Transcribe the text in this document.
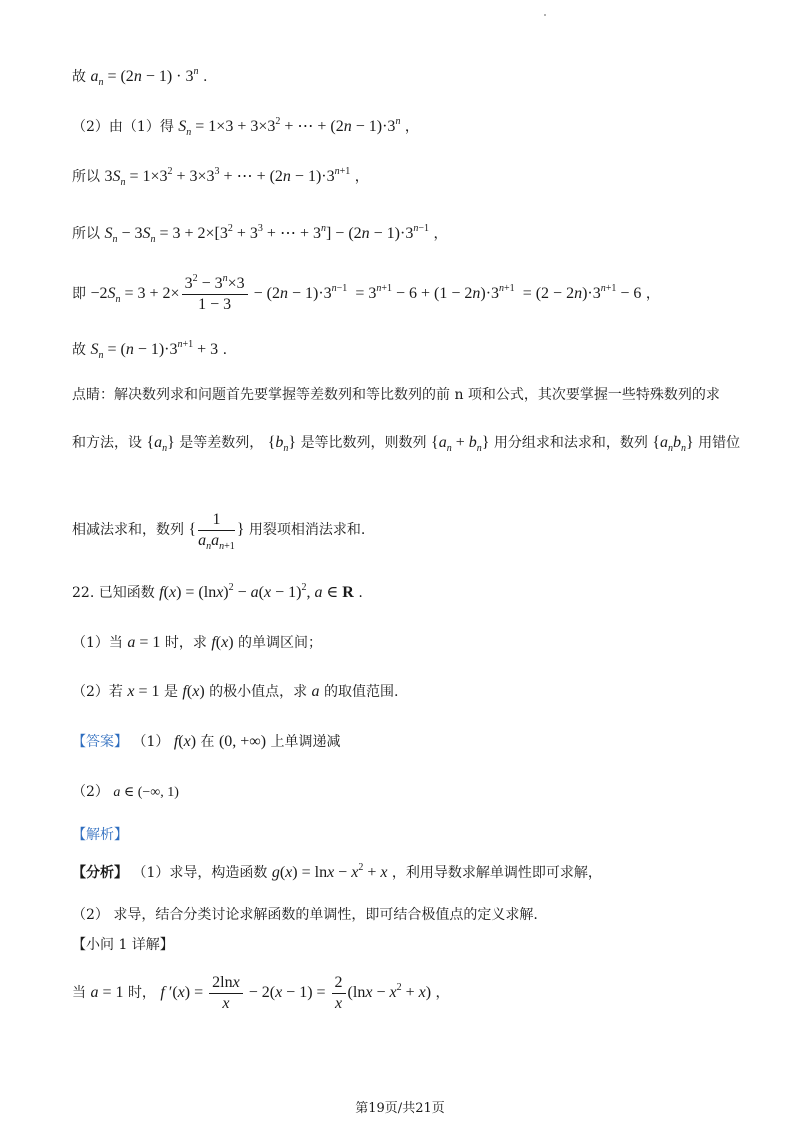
故 $a_n = (2n - 1) \cdot 3^n$ .
（2）由（1）得 $S_n = 1\times 3 + 3\times 3^2$ + ⋯ + $(2n - 1)\cdot 3^n$ ，
所以 $3S_n = 1\times 3^2 + 3\times 3^3$ + ⋯ + $(2n - 1)\cdot 3^{n+1}$ ，
所以 $S_n - 3S_n = 3 + 2\times[3^2 + 3^3$ + ⋯ + $3^n] - (2n - 1)\cdot 3^{n-1}$ ，
即 $-2S_n = 3 + 2\times \frac{3^2 - 3^n\times 3}{1 - 3} - (2n - 1)\cdot 3^{n-1} = 3^{n+1} - 6 + (1 - 2n)\cdot 3^{n+1} = (2 - 2n)\cdot 3^{n+1} - 6$ ，
故 $S_n = (n - 1)\cdot 3^{n+1} + 3$ .
点睛：解决数列求和问题首先要掌握等差数列和等比数列的前 n 项和公式，其次要掌握一些特殊数列的求
和方法，设 $\{a_n\}$ 是等差数列， $\{b_n\}$ 是等比数列，则数列 $\{a_n + b_n\}$ 用分组求和法求和，数列 $\{a_nb_n\}$ 用错位
相减法求和，数列 { $\frac{1}{a_na_{n+1}}$ } 用裂项相消法求和.
22. 已知函数 $f(x) = (\ln x)^2 - a(x - 1)^2$, a ∈ R .
（1）当 a = 1 时，求 f(x) 的单调区间；
（2）若 x = 1 是 f(x) 的极小值点，求 a 的取值范围.
【答案】 （1） f(x) 在 (0, +∞) 上单调递减
（2） a ∈ (−∞, 1)
【解析】
【分析】 （1）求导，构造函数 $g(x) = \ln x - x^2 + x$ ，利用导数求解单调性即可求解，
（2） 求导，结合分类讨论求解函数的单调性，即可结合极值点的定义求解.
【小问 1 详解】
当 a = 1 时， f $'(x) = \frac{2\ln x}{x} - 2(x - 1) = \frac{2}{x} (\ln x - x^2 + x)$ ，
第19页/共21页
